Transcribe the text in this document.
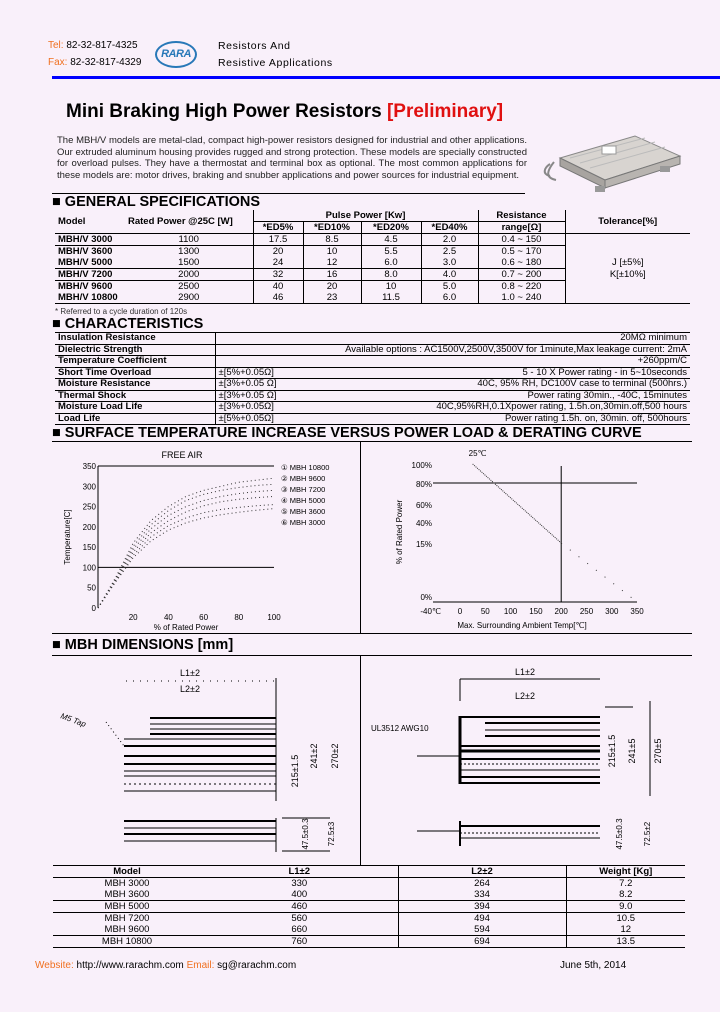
Tel: 82-32-817-4325
Fax: 82-32-817-4329
RARA
Resistors And
Resistive Applications
Mini Braking High Power Resistors [Preliminary]
The MBH/V models are metal-clad, compact high-power resistors designed for industrial and other applications. Our extruded aluminum housing provides rugged and strong protection. These models are specially constructed for overload pulses. They have a thermostat and terminal box as optional. The most common applications for these models are: motor drives, braking and snubber applications and power sources for industrial equipment.
■ GENERAL SPECIFICATIONS
Model	Rated Power @25C [W]	Pulse Power [Kw]				Resistance	Tolerance[%]
		*ED5%	*ED10%	*ED20%	*ED40%	range[Ω]	
MBH/V 3000	1100	17.5	8.5	4.5	2.0	0.4 ~ 150	J [±5%]
K[±10%]

MBH/V 3600	1300	20	10	5.5	2.5	0.5 ~ 170	
MBH/V 5000	1500	24	12	6.0	3.0	0.6 ~ 180	
MBH/V 7200	2000	32	16	8.0	4.0	0.7 ~ 200	
MBH/V 9600	2500	40	20	10	5.0	0.8 ~ 220	
MBH/V 10800	2900	46	23	11.5	6.0	1.0 ~ 240	
* Referred to a cycle duration of 120s
■ CHARACTERISTICS
Insulation Resistance	20MΩ minimum	
Dielectric Strength	Available options : AC1500V,2500V,3500V for 1minute,Max leakage current: 2mA	
Temperature Coefficient	+260ppm/C	
Short Time Overload	±[5%+0.05Ω]	5 - 10 X Power rating - in 5~10seconds
Moisture Resistance	±[3%+0.05 Ω]	40C, 95% RH, DC100V case to terminal (500hrs.)
Thermal Shock	±[3%+0.05 Ω]	Power rating 30min., -40C, 15minutes
Moisture Load Life	±[3%+0.05Ω]	40C,95%RH,0.1Xpower rating, 1.5h.on,30min.off,500 hours
Load Life	±[5%+0.05Ω]	Power rating 1.5h. on, 30min. off, 500hours
■ SURFACE TEMPERATURE INCREASE VERSUS POWER LOAD & DERATING CURVE
FREE AIR
0
50
100
150
200
250
300
350
20	40	60	80	100
% of Rated Power
Temperature[C]
① MBH 10800
② MBH 9600
③ MBH 7200
④ MBH 5000
⑤ MBH 3600
⑥ MBH 3000
100%
80%
60%
40%
15%
0%
-40℃ 0 50 100 150 200 250 300 350
Max. Surrounding Ambient Temp[℃]
% of Rated Power
25℃
■ MBH DIMENSIONS [mm]
L1±2
L2±2
M5 Tap
215±1.5 241±2 270±2
47.5±0.3 72.5±3
L1±2
L2±2
UL3512 AWG10
215±1.5 241±5 270±5
47.5±0.3 72.5±2
Model	L1±2	L2±2	Weight [Kg]
MBH 3000	330	264	7.2
MBH 3600	400	334	8.2
MBH 5000	460	394	9.0
MBH 7200	560	494	10.5
MBH 9600	660	594	12
MBH 10800	760	694	13.5
Website: http://www.rarachm.com Email: sg@rarachm.com	June 5th, 2014
